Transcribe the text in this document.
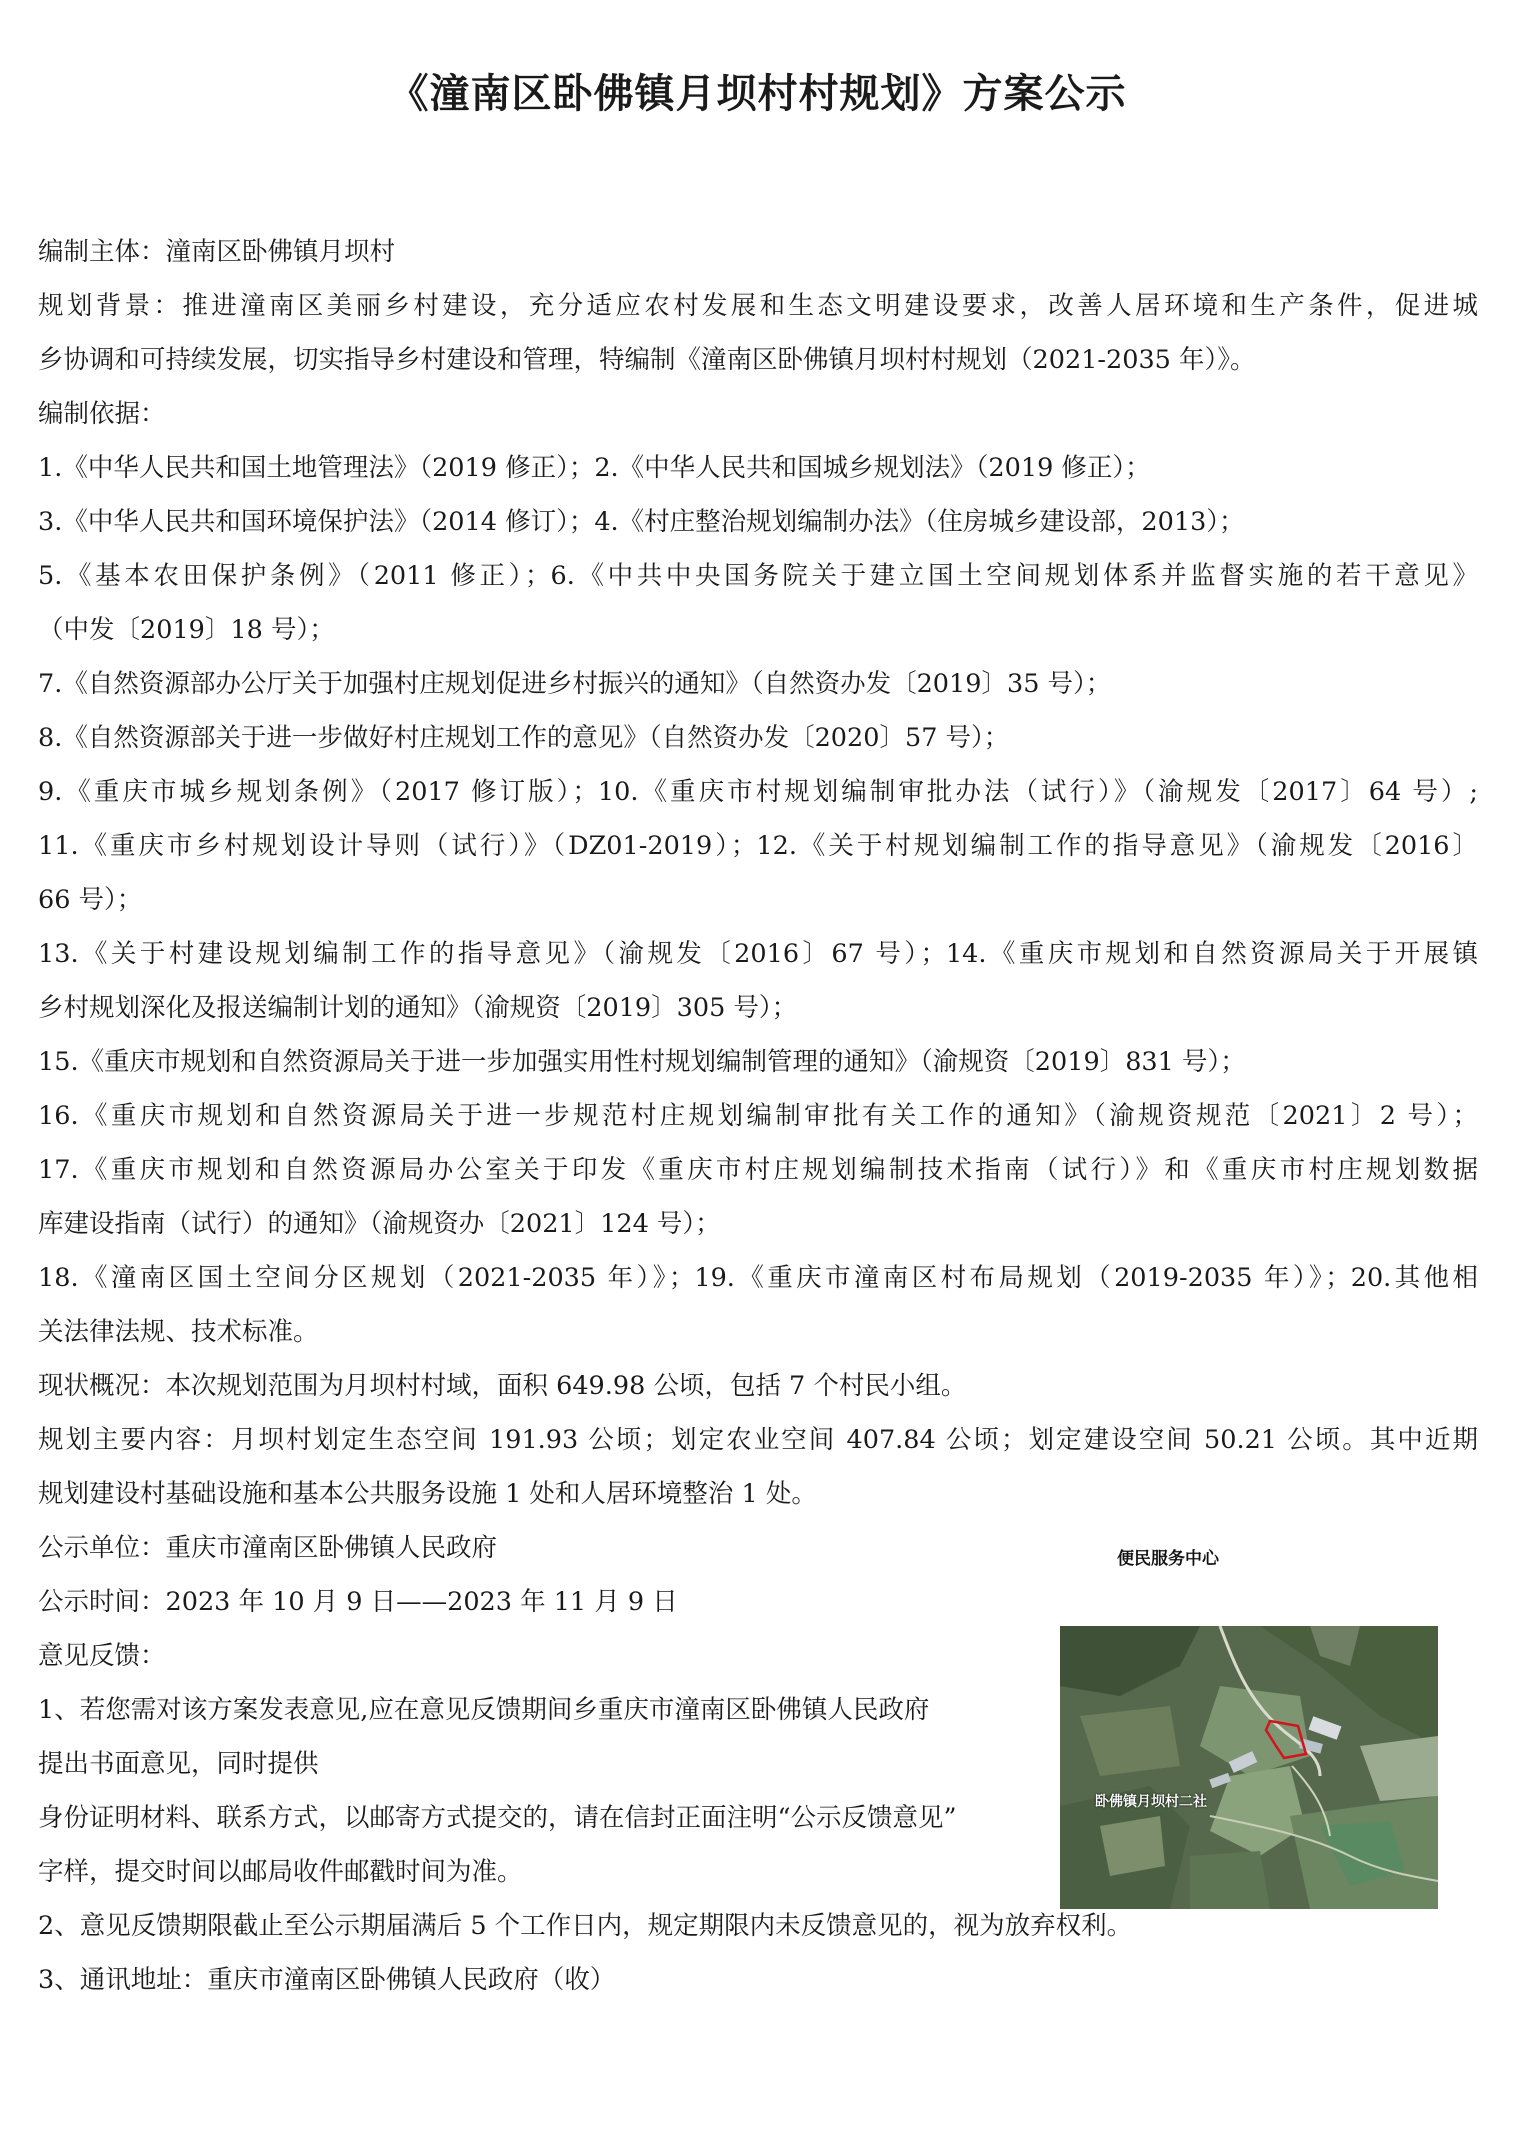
《潼南区卧佛镇月坝村村规划》方案公示
编制主体：潼南区卧佛镇月坝村
规划背景：推进潼南区美丽乡村建设，充分适应农村发展和生态文明建设要求，改善人居环境和生产条件，促进城
乡协调和可持续发展，切实指导乡村建设和管理，特编制《潼南区卧佛镇月坝村村规划（2021-2035 年）》。
编制依据：
1.《中华人民共和国土地管理法》（2019 修正）；2.《中华人民共和国城乡规划法》（2019 修正）；
3.《中华人民共和国环境保护法》（2014 修订）；4.《村庄整治规划编制办法》（住房城乡建设部，2013）；
5.《基本农田保护条例》（2011 修正）；6.《中共中央国务院关于建立国土空间规划体系并监督实施的若干意见》
（中发〔2019〕18 号）；
7.《自然资源部办公厅关于加强村庄规划促进乡村振兴的通知》（自然资办发〔2019〕35 号）；
8.《自然资源部关于进一步做好村庄规划工作的意见》（自然资办发〔2020〕57 号）；
9.《重庆市城乡规划条例》（2017 修订版）；10.《重庆市村规划编制审批办法（试行）》（渝规发〔2017〕64 号）;
11.《重庆市乡村规划设计导则（试行）》（DZ01-2019）；12.《关于村规划编制工作的指导意见》（渝规发〔2016〕
66 号）；
13.《关于村建设规划编制工作的指导意见》（渝规发〔2016〕67 号）；14.《重庆市规划和自然资源局关于开展镇
乡村规划深化及报送编制计划的通知》（渝规资〔2019〕305 号）；
15.《重庆市规划和自然资源局关于进一步加强实用性村规划编制管理的通知》（渝规资〔2019〕831 号）；
16.《重庆市规划和自然资源局关于进一步规范村庄规划编制审批有关工作的通知》（渝规资规范〔2021〕2 号）；
17.《重庆市规划和自然资源局办公室关于印发《重庆市村庄规划编制技术指南（试行）》和《重庆市村庄规划数据
库建设指南（试行）的通知》（渝规资办〔2021〕124 号）；
18.《潼南区国土空间分区规划（2021-2035 年）》；19.《重庆市潼南区村布局规划（2019-2035 年）》；20.其他相
关法律法规、技术标准。
现状概况：本次规划范围为月坝村村域，面积 649.98 公顷，包括 7 个村民小组。
规划主要内容：月坝村划定生态空间 191.93 公顷；划定农业空间 407.84 公顷；划定建设空间 50.21 公顷。其中近期
规划建设村基础设施和基本公共服务设施 1 处和人居环境整治 1 处。
公示单位：重庆市潼南区卧佛镇人民政府
公示时间：2023 年 10 月 9 日——2023 年 11 月 9 日
意见反馈：
1、若您需对该方案发表意见,应在意见反馈期间乡重庆市潼南区卧佛镇人民政府
提出书面意见，同时提供
身份证明材料、联系方式，以邮寄方式提交的，请在信封正面注明“公示反馈意见”
字样，提交时间以邮局收件邮戳时间为准。
2、意见反馈期限截止至公示期届满后 5 个工作日内，规定期限内未反馈意见的，视为放弃权利。
3、通讯地址：重庆市潼南区卧佛镇人民政府（收）
便民服务中心
卧佛镇月坝村二社
